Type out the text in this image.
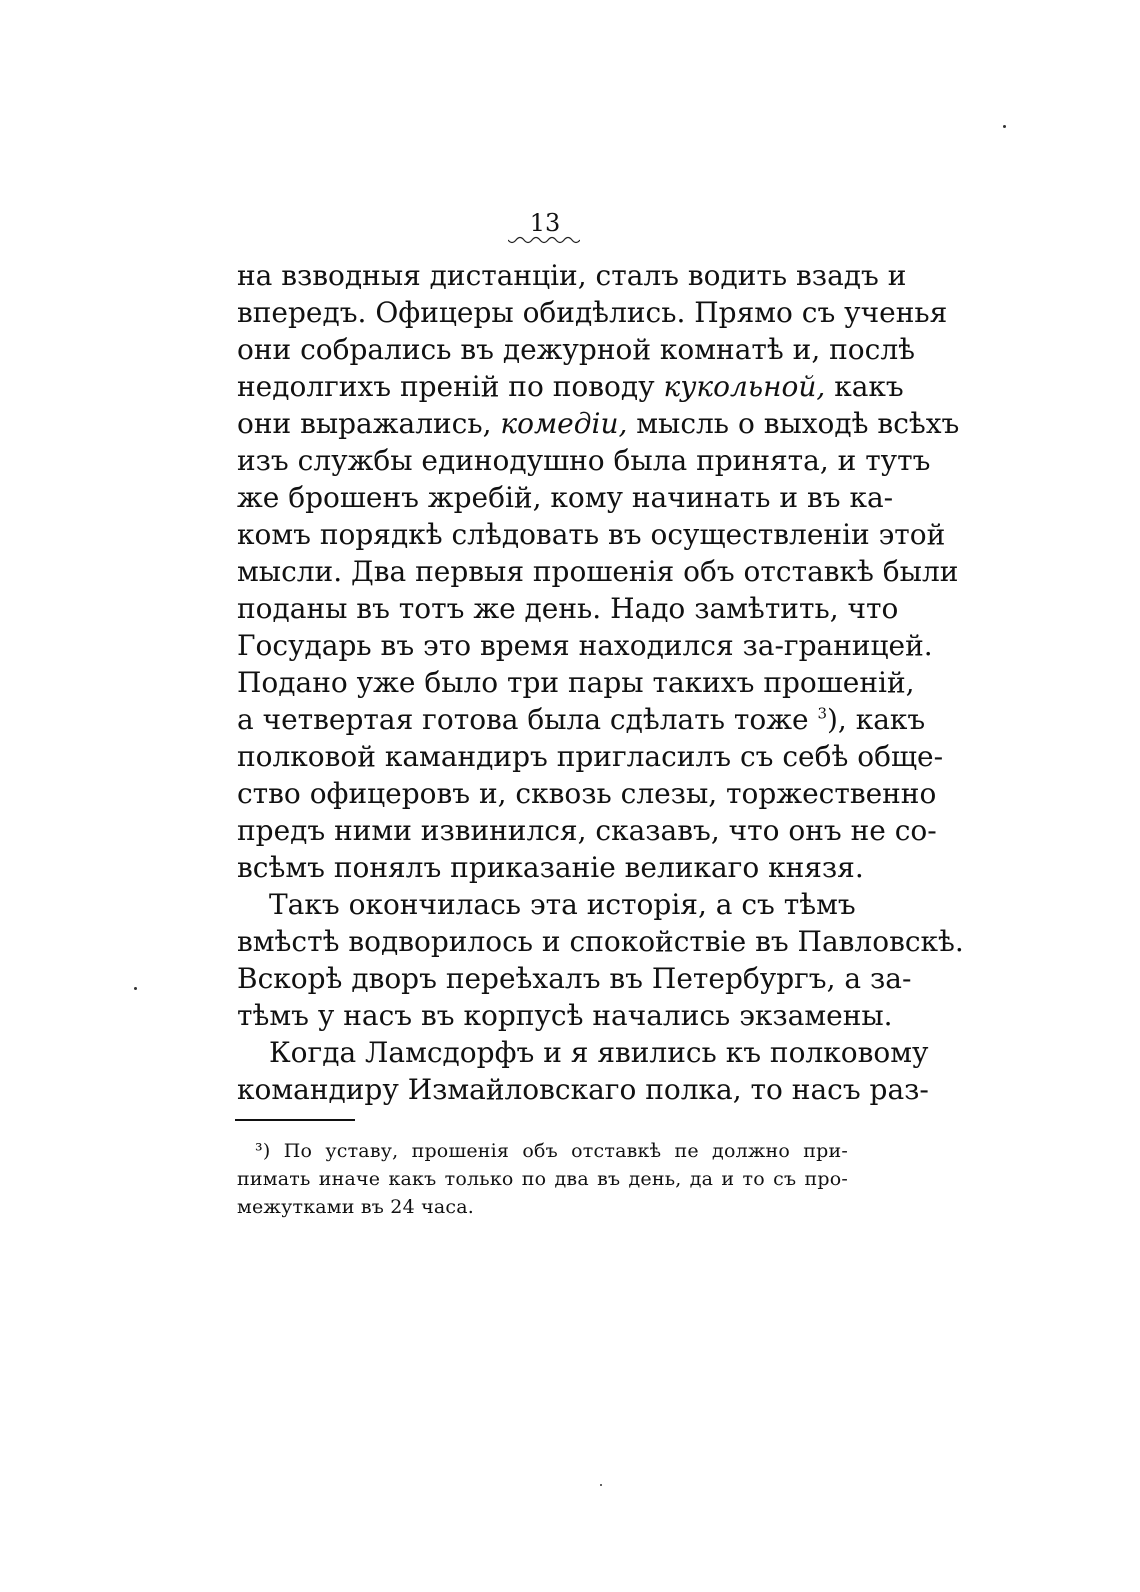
13
на взводныя дистанціи, сталъ водить взадъ и
впередъ. Офицеры обидѣлись. Прямо съ ученья
они собрались въ дежурной комнатѣ и, послѣ
недолгихъ преній по поводу кукольной, какъ
они выражались, комедіи, мысль о выходѣ всѣхъ
изъ службы единодушно была принята, и тутъ
же брошенъ жребій, кому начинать и въ ка-
комъ порядкѣ слѣдовать въ осуществленіи этой
мысли. Два первыя прошенія объ отставкѣ были
поданы въ тотъ же день. Надо замѣтить, что
Государь въ это время находился за-границей.
Подано уже было три пары такихъ прошеній,
а четвертая готова была сдѣлать тоже $^3$), какъ
полковой камандиръ пригласилъ съ себѣ обще-
ство офицеровъ и, сквозь слезы, торжественно
предъ ними извинился, сказавъ, что онъ не со-
всѣмъ понялъ приказаніе великаго князя.
Такъ окончилась эта исторія, а съ тѣмъ
вмѣстѣ водворилось и спокойствіе въ Павловскѣ.
Вскорѣ дворъ переѣхалъ въ Петербургъ, а за-
тѣмъ у насъ въ корпусѣ начались экзамены.
Когда Ламсдорфъ и я явились къ полковому
командиру Измайловскаго полка, то насъ раз-
³) По уставу, прошенія объ отставкѣ пе должно при-
пимать иначе какъ только по два въ день, да и то съ про-
межутками въ 24 часа.
